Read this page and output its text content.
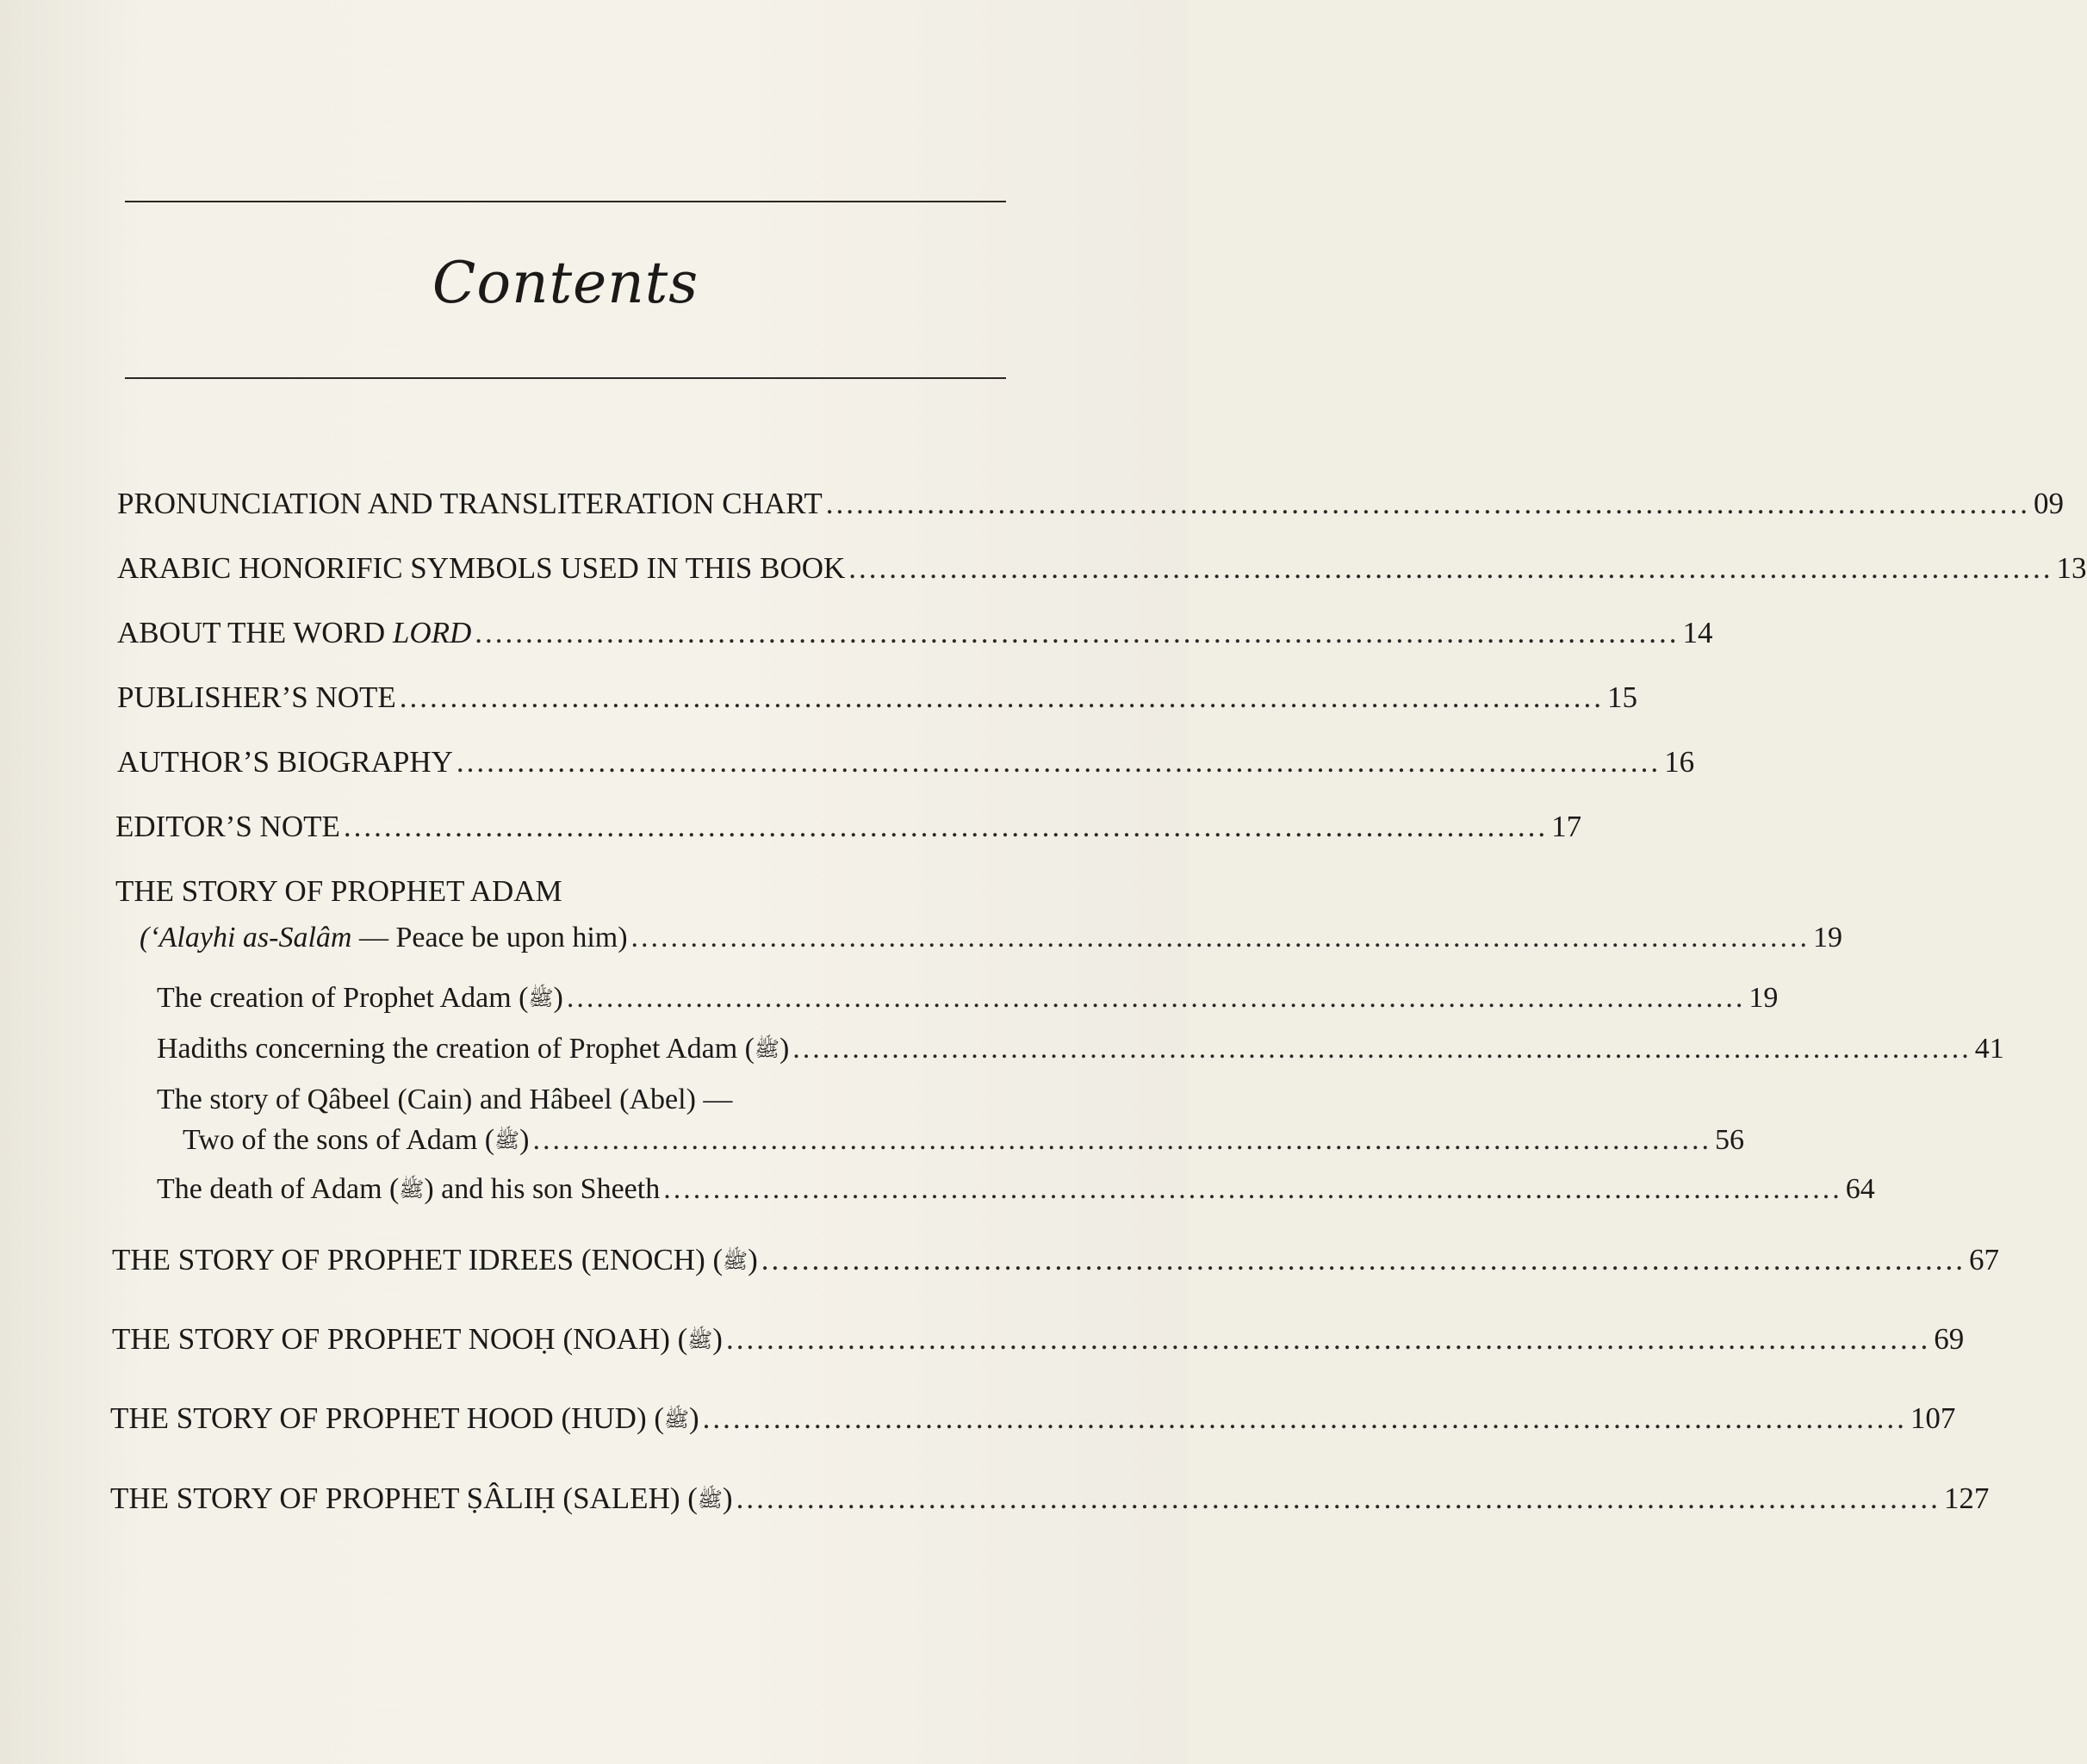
Contents
PRONUNCIATION AND TRANSLITERATION CHART ....................................................................................................................... 09
ARABIC HONORIFIC SYMBOLS USED IN THIS BOOK ....................................................................................................................... 13
ABOUT THE WORD LORD ....................................................................................................................... 14
PUBLISHER’S NOTE ....................................................................................................................... 15
AUTHOR’S BIOGRAPHY ....................................................................................................................... 16
EDITOR’S NOTE ....................................................................................................................... 17
THE STORY OF PROPHET ADAM
(‘Alayhi as-Salâm — Peace be upon him) ....................................................................................................................... 19
The creation of Prophet Adam (ﷺ) ....................................................................................................................... 19
Hadiths concerning the creation of Prophet Adam (ﷺ) ....................................................................................................................... 41
The story of Qâbeel (Cain) and Hâbeel (Abel) —
Two of the sons of Adam (ﷺ) ....................................................................................................................... 56
The death of Adam (ﷺ) and his son Sheeth ....................................................................................................................... 64
THE STORY OF PROPHET IDREES (ENOCH) (ﷺ) ....................................................................................................................... 67
THE STORY OF PROPHET NOOḤ (NOAH) (ﷺ) ....................................................................................................................... 69
THE STORY OF PROPHET HOOD (HUD) (ﷺ) ....................................................................................................................... 107
THE STORY OF PROPHET ṢÂLIḤ (SALEH) (ﷺ) ....................................................................................................................... 127
